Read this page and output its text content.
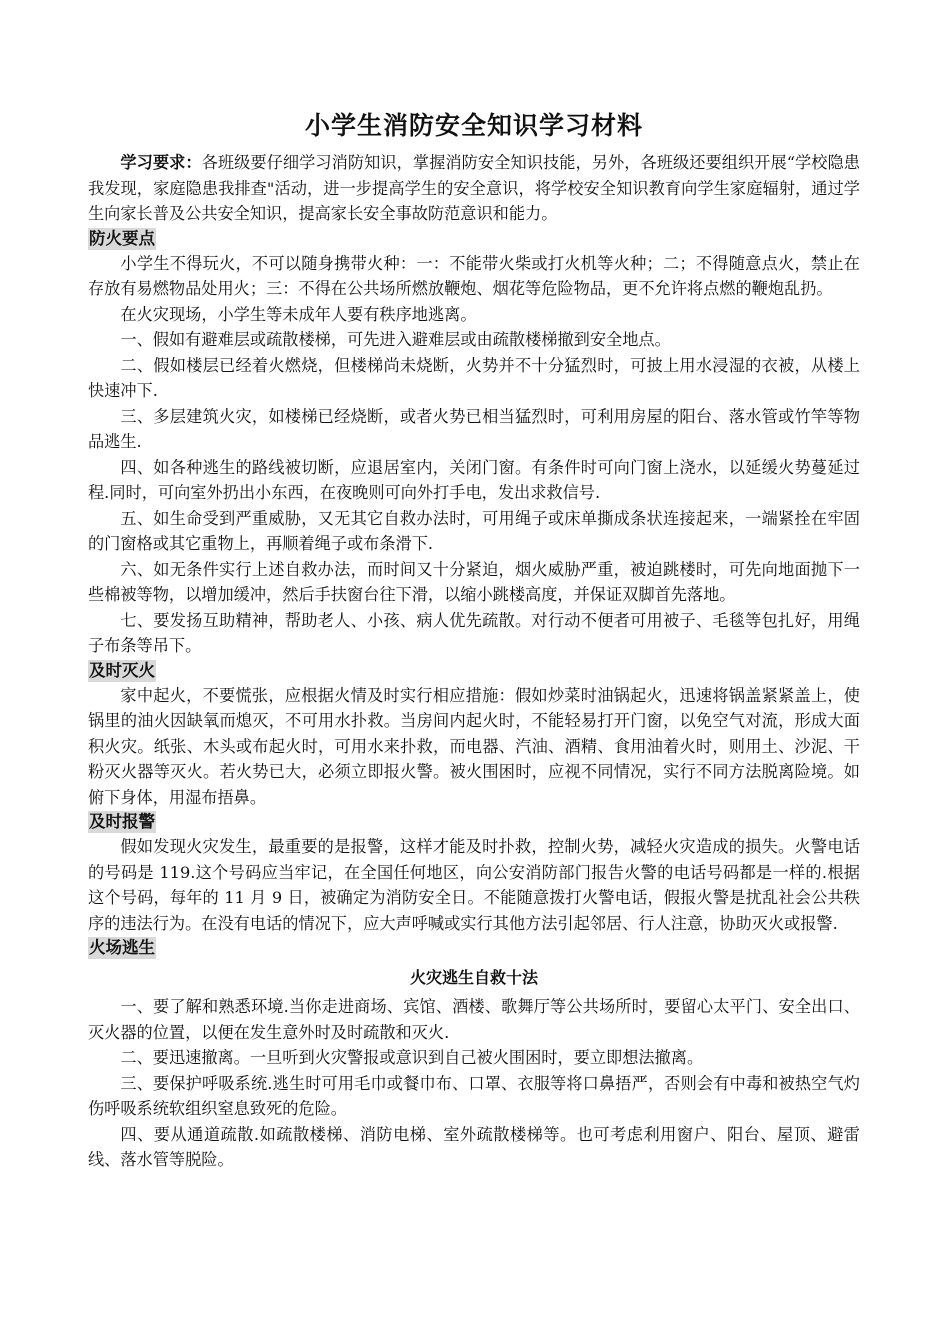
小学生消防安全知识学习材料

学习要求：各班级要仔细学习消防知识，掌握消防安全知识技能，另外，各班级还要组织开展“学校隐患我发现，家庭隐患我排查"活动，进一步提高学生的安全意识，将学校安全知识教育向学生家庭辐射，通过学生向家长普及公共安全知识，提高家长安全事故防范意识和能力。

防火要点

小学生不得玩火，不可以随身携带火种：一：不能带火柴或打火机等火种；二；不得随意点火，禁止在存放有易燃物品处用火；三：不得在公共场所燃放鞭炮、烟花等危险物品，更不允许将点燃的鞭炮乱扔。

在火灾现场，小学生等未成年人要有秩序地逃离。

一、假如有避难层或疏散楼梯，可先进入避难层或由疏散楼梯撤到安全地点。

二、假如楼层已经着火燃烧，但楼梯尚未烧断，火势并不十分猛烈时，可披上用水浸湿的衣被，从楼上快速冲下.

三、多层建筑火灾，如楼梯已经烧断，或者火势已相当猛烈时，可利用房屋的阳台、落水管或竹竿等物品逃生.

四、如各种逃生的路线被切断，应退居室内，关闭门窗。有条件时可向门窗上浇水，以延缓火势蔓延过程.同时，可向室外扔出小东西，在夜晚则可向外打手电，发出求救信号.

五、如生命受到严重威胁，又无其它自救办法时，可用绳子或床单撕成条状连接起来，一端紧拴在牢固的门窗格或其它重物上，再顺着绳子或布条滑下.

六、如无条件实行上述自救办法，而时间又十分紧迫，烟火威胁严重，被迫跳楼时，可先向地面抛下一些棉被等物，以增加缓冲，然后手扶窗台往下滑，以缩小跳楼高度，并保证双脚首先落地。

七、要发扬互助精神，帮助老人、小孩、病人优先疏散。对行动不便者可用被子、毛毯等包扎好，用绳子布条等吊下。

及时灭火

家中起火，不要慌张，应根据火情及时实行相应措施：假如炒菜时油锅起火，迅速将锅盖紧紧盖上，使锅里的油火因缺氧而熄灭，不可用水扑救。当房间内起火时，不能轻易打开门窗，以免空气对流，形成大面积火灾。纸张、木头或布起火时，可用水来扑救，而电器、汽油、酒精、食用油着火时，则用土、沙泥、干粉灭火器等灭火。若火势已大，必须立即报火警。被火围困时，应视不同情况，实行不同方法脱离险境。如俯下身体，用湿布捂鼻。

及时报警

假如发现火灾发生，最重要的是报警，这样才能及时扑救，控制火势，减轻火灾造成的损失。火警电话的号码是 119.这个号码应当牢记，在全国任何地区，向公安消防部门报告火警的电话号码都是一样的.根据这个号码，每年的 11 月 9 日，被确定为消防安全日。不能随意拨打火警电话，假报火警是扰乱社会公共秩序的违法行为。在没有电话的情况下，应大声呼喊或实行其他方法引起邻居、行人注意，协助灭火或报警.

火场逃生
火灾逃生自救十法

一、要了解和熟悉环境.当你走进商场、宾馆、酒楼、歌舞厅等公共场所时，要留心太平门、安全出口、灭火器的位置，以便在发生意外时及时疏散和灭火.

二、要迅速撤离。一旦听到火灾警报或意识到自己被火围困时，要立即想法撤离。

三、要保护呼吸系统.逃生时可用毛巾或餐巾布、口罩、衣服等将口鼻捂严，否则会有中毒和被热空气灼伤呼吸系统软组织窒息致死的危险。

四、要从通道疏散.如疏散楼梯、消防电梯、室外疏散楼梯等。也可考虑利用窗户、阳台、屋顶、避雷线、落水管等脱险。
